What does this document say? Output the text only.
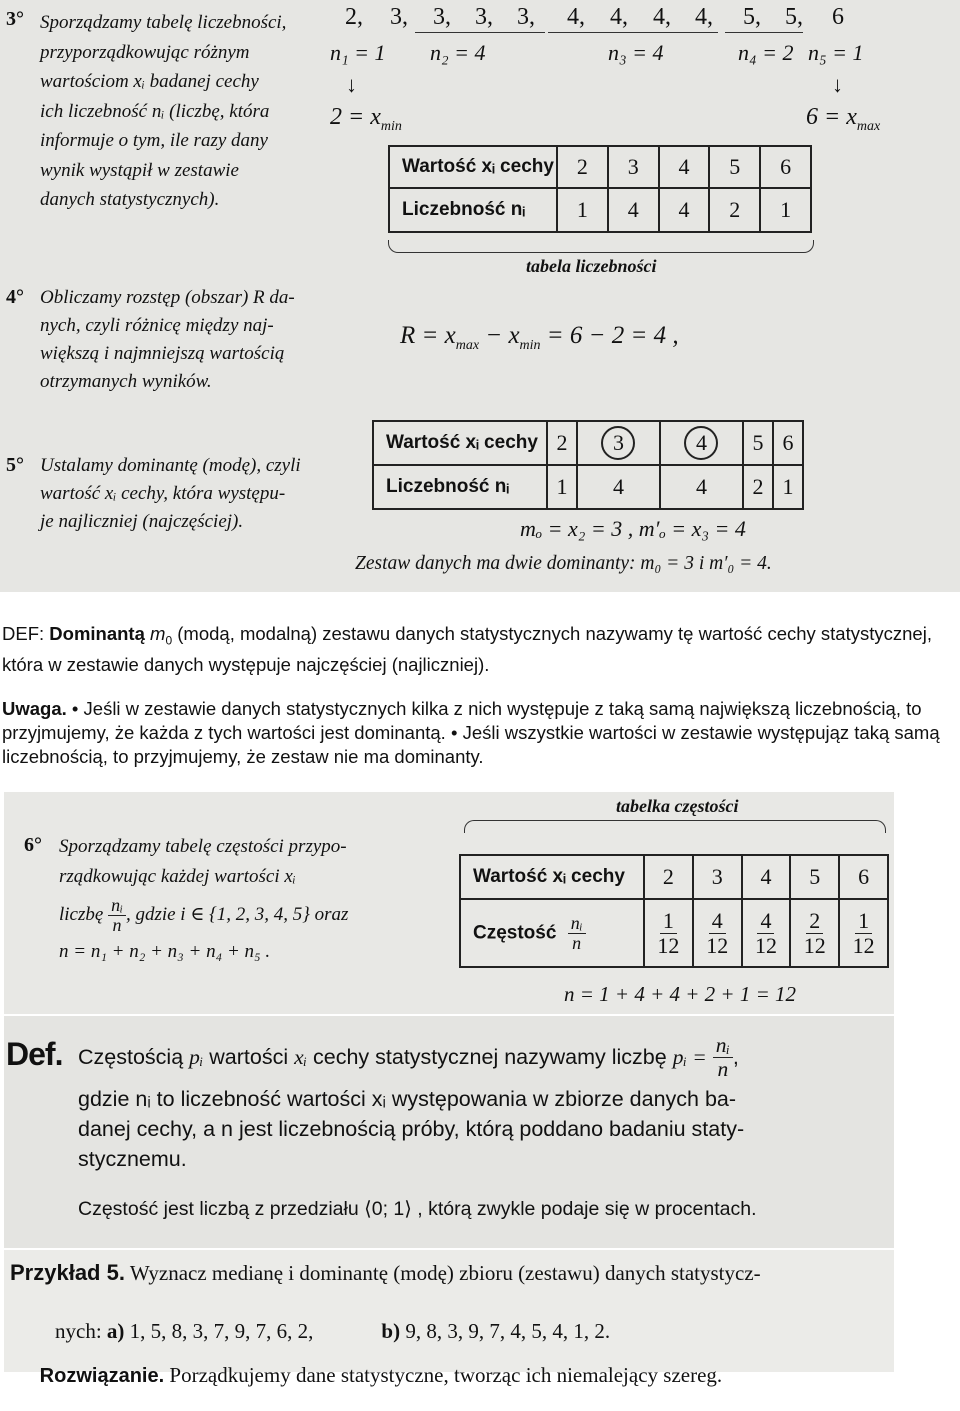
3° Sporządzamy tabelę liczebności,
przyporządkowując różnym
wartościom xᵢ badanej cechy
ich liczebność nᵢ (liczbę, która
informuje o tym, ile razy dany
wynik wystąpił w zestawie
danych statystycznych).
2, 3, 3, 3, 3, 4, 4, 4, 4, 5, 5, 6
n₁ = 1 n₂ = 4	n₃ = 4	n₄ = 2 n₅ = 1
↓	↓
$2 = x_{min}$	$6 = x_{max}$
Wartość xᵢ cechy	2	3	4	5	6
Liczebność nᵢ	1	4	4	2	1
tabela liczebności
4° Obliczamy rozstęp (obszar) R da-
nych, czyli różnicę między naj-
większą i najmniejszą wartością
otrzymanych wyników.
$R = x_{max} - x_{min} = 6 - 2 = 4$ ,
5° Ustalamy dominantę (modę), czyli
wartość xᵢ cechy, która występu-
je najliczniej (najczęściej).
Wartość xᵢ cechy	2	3	4	5	6
Liczebność nᵢ	1	4	4	2	1
mₒ = x₂ = 3 , m′ₒ = x₃ = 4
Zestaw danych ma dwie dominanty: m₀ = 3 i m′₀ = 4.
DEF: Dominantą $m_0$ (modą, modalną) zestawu danych statystycznych nazywamy tę wartość cechy statystycznej, która w zestawie danych występuje najczęściej (najliczniej).
Uwaga. • Jeśli w zestawie danych statystycznych kilka z nich występuje z taką samą największą liczebnością, to przyjmujemy, że każda z tych wartości jest dominantą. • Jeśli wszystkie wartości w zestawie występująz taką samą liczebnością, to przyjmujemy, że zestaw nie ma dominanty.
tabelka częstości
6° Sporządzamy tabelę częstości przypo-
rządkowując każdej wartości xᵢ
liczbę $\frac{\text{nᵢ}}{n}$ , gdzie i ∈ {1, 2, 3, 4, 5} oraz
n = n₁ + n₂ + n₃ + n₄ + n₅ .
Wartość xᵢ cechy	2	3	4	5	6
Częstość $\frac{\text{nᵢ}}{n}$	$\frac{1}{12}$	$\frac{4}{12}$	$\frac{4}{12}$	$\frac{2}{12}$	$\frac{1}{12}$
n = 1 + 4 + 4 + 2 + 1 = 12
Def. Częstością pᵢ wartości xᵢ cechy statystycznej nazywamy liczbę pᵢ = $\frac{\text{nᵢ}}{n}$ ,
gdzie nᵢ to liczebność wartości xᵢ występowania w zbiorze danych ba-
danej cechy, a n jest liczebnością próby, którą poddano badaniu staty-
stycznemu.
Częstość jest liczbą z przedziału ⟨0; 1⟩ , którą zwykle podaje się w procentach.
Przykład 5. Wyznacz medianę i dominantę (modę) zbioru (zestawu) danych statystycz-

nych: a) 1, 5, 8, 3, 7, 9, 7, 6, 2,	b) 9, 8, 3, 9, 7, 4, 5, 4, 1, 2.

Rozwiązanie. Porządkujemy dane statystyczne, tworząc ich niemalejący szereg.
